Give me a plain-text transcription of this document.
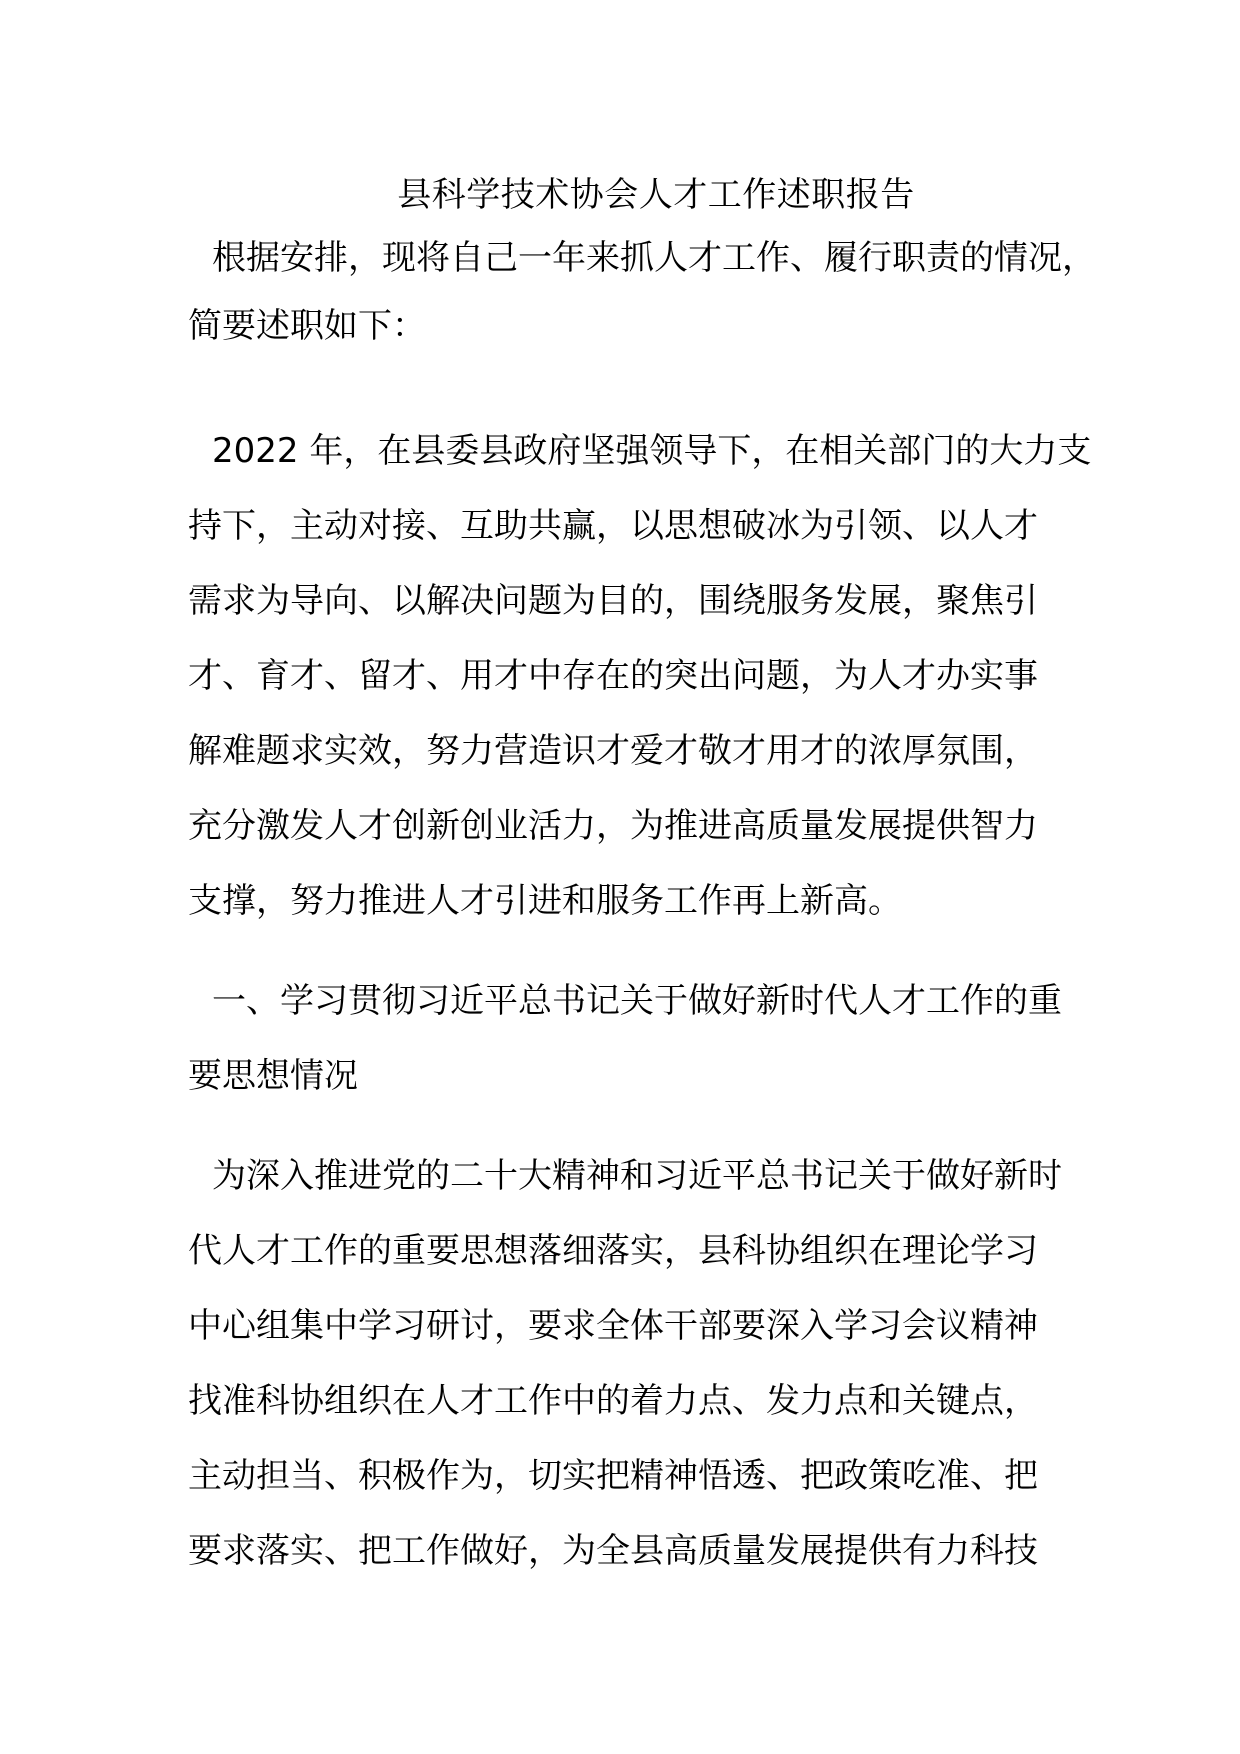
县科学技术协会人才工作述职报告
根据安排，现将自己一年来抓人才工作、履行职责的情况，
简要述职如下：
2022 年，在县委县政府坚强领导下，在相关部门的大力支
持下，主动对接、互助共赢，以思想破冰为引领、以人才
需求为导向、以解决问题为目的，围绕服务发展，聚焦引
才、育才、留才、用才中存在的突出问题，为人才办实事
解难题求实效，努力营造识才爱才敬才用才的浓厚氛围，
充分激发人才创新创业活力，为推进高质量发展提供智力
支撑，努力推进人才引进和服务工作再上新高。
一、学习贯彻习近平总书记关于做好新时代人才工作的重
要思想情况
为深入推进党的二十大精神和习近平总书记关于做好新时
代人才工作的重要思想落细落实，县科协组织在理论学习
中心组集中学习研讨，要求全体干部要深入学习会议精神
找准科协组织在人才工作中的着力点、发力点和关键点，
主动担当、积极作为，切实把精神悟透、把政策吃准、把
要求落实、把工作做好，为全县高质量发展提供有力科技
